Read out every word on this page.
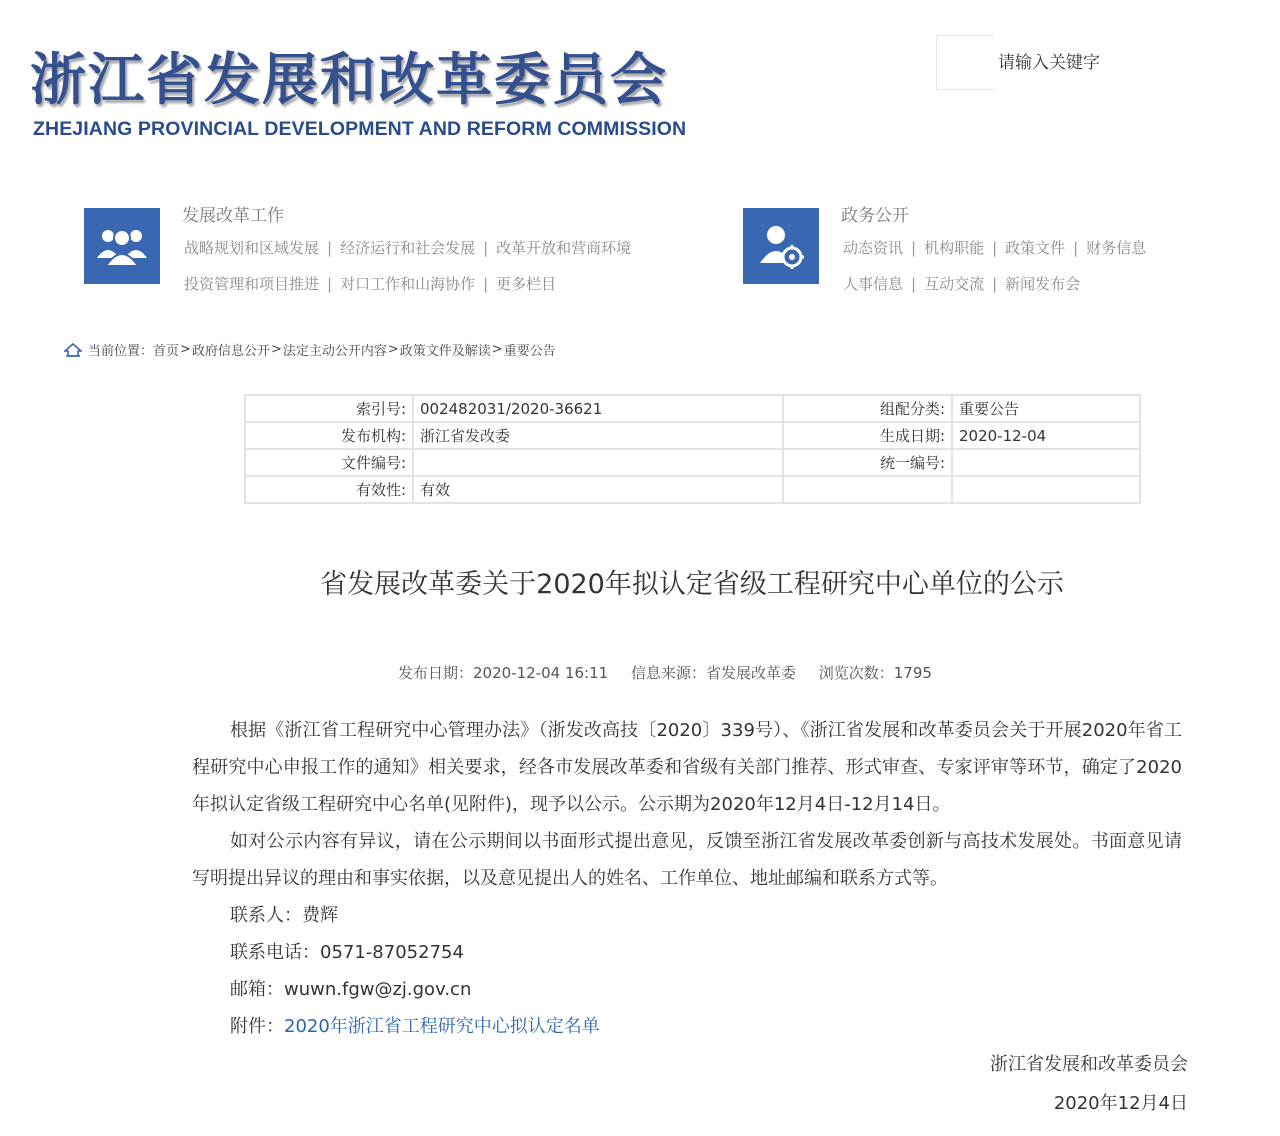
浙江省发展和改革委员会
ZHEJIANG PROVINCIAL DEVELOPMENT AND REFORM COMMISSION
请输入关键字
发展改革工作
战略规划和区域发展 | 经济运行和社会发展 | 改革开放和营商环境
投资管理和项目推进 | 对口工作和山海协作 | 更多栏目
政务公开
动态资讯 | 机构职能 | 政策文件 | 财务信息
人事信息 | 互动交流 | 新闻发布会
当前位置： 首页 > 政府信息公开 > 法定主动公开内容 > 政策文件及解读 > 重要公告
索引号:	002482031/2020-36621	组配分类:	重要公告
发布机构:	浙江省发改委	生成日期:	2020-12-04
文件编号:		统一编号:	
有效性:	有效		
省发展改革委关于2020年拟认定省级工程研究中心单位的公示
发布日期：2020-12-04 16:11 信息来源：省发展改革委 浏览次数：1795

根据《浙江省工程研究中心管理办法》（浙发改高技〔2020〕339号）、《浙江省发展和改革委员会关于开展2020年省工程研究中心申报工作的通知》相关要求，经各市发展改革委和省级有关部门推荐、形式审查、专家评审等环节，确定了2020年拟认定省级工程研究中心名单(见附件)，现予以公示。公示期为2020年12月4日-12月14日。

如对公示内容有异议，请在公示期间以书面形式提出意见，反馈至浙江省发展改革委创新与高技术发展处。书面意见请写明提出异议的理由和事实依据，以及意见提出人的姓名、工作单位、地址邮编和联系方式等。

联系人：费辉

联系电话：0571-87052754

邮箱：wuwn.fgw@zj.gov.cn

附件：2020年浙江省工程研究中心拟认定名单

浙江省发展和改革委员会
2020年12月4日
